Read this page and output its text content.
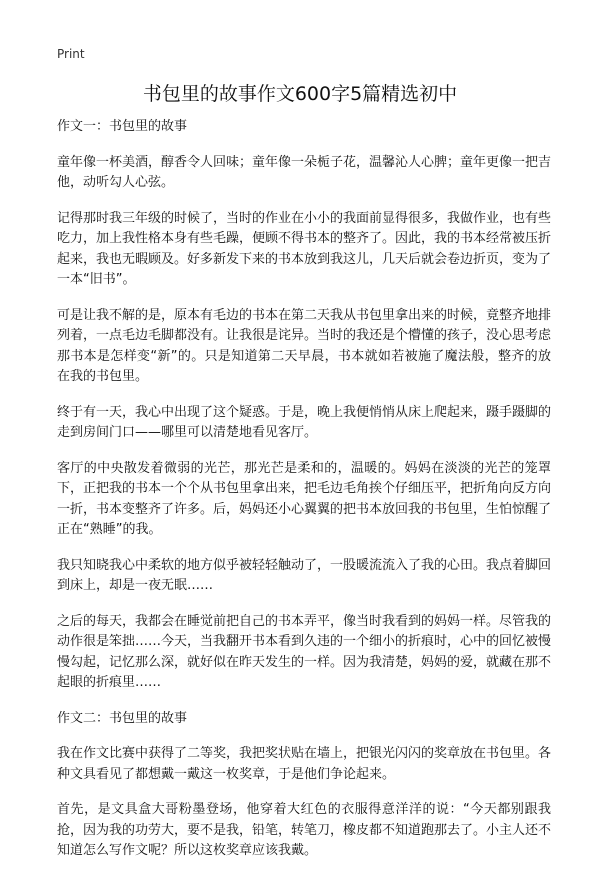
Print
书包里的故事作文600字5篇精选初中

作文一：书包里的故事

童年像一杯美酒，醇香令人回味；童年像一朵栀子花，温馨沁人心脾；童年更像一把吉他，动听勾人心弦。

记得那时我三年级的时候了，当时的作业在小小的我面前显得很多，我做作业，也有些吃力，加上我性格本身有些毛躁，便顾不得书本的整齐了。因此，我的书本经常被压折起来，我也无暇顾及。好多新发下来的书本放到我这儿，几天后就会卷边折页，变为了一本“旧书”。

可是让我不解的是，原本有毛边的书本在第二天我从书包里拿出来的时候，竟整齐地排列着，一点毛边毛脚都没有。让我很是诧异。当时的我还是个懵懂的孩子，没心思考虑那书本是怎样变“新”的。只是知道第二天早晨，书本就如若被施了魔法般，整齐的放在我的书包里。

终于有一天，我心中出现了这个疑惑。于是，晚上我便悄悄从床上爬起来，蹑手蹑脚的走到房间门口——哪里可以清楚地看见客厅。

客厅的中央散发着微弱的光芒，那光芒是柔和的，温暖的。妈妈在淡淡的光芒的笼罩下，正把我的书本一个个从书包里拿出来，把毛边毛角挨个仔细压平，把折角向反方向一折，书本变整齐了许多。后，妈妈还小心翼翼的把书本放回我的书包里，生怕惊醒了正在“熟睡”的我。

我只知晓我心中柔软的地方似乎被轻轻触动了，一股暖流流入了我的心田。我点着脚回到床上，却是一夜无眠……

之后的每天，我都会在睡觉前把自己的书本弄平，像当时我看到的妈妈一样。尽管我的动作很是笨拙……今天，当我翻开书本看到久违的一个细小的折痕时，心中的回忆被慢慢勾起，记忆那么深，就好似在昨天发生的一样。因为我清楚，妈妈的爱，就藏在那不起眼的折痕里……

作文二：书包里的故事

我在作文比赛中获得了二等奖，我把奖状贴在墙上，把银光闪闪的奖章放在书包里。各种文具看见了都想戴一戴这一枚奖章，于是他们争论起来。

首先，是文具盒大哥粉墨登场，他穿着大红色的衣服得意洋洋的说：“今天都别跟我抢，因为我的功劳大，要不是我，铅笔，转笔刀，橡皮都不知道跑那去了。小主人还不知道怎么写作文呢？所以这枚奖章应该我戴。
